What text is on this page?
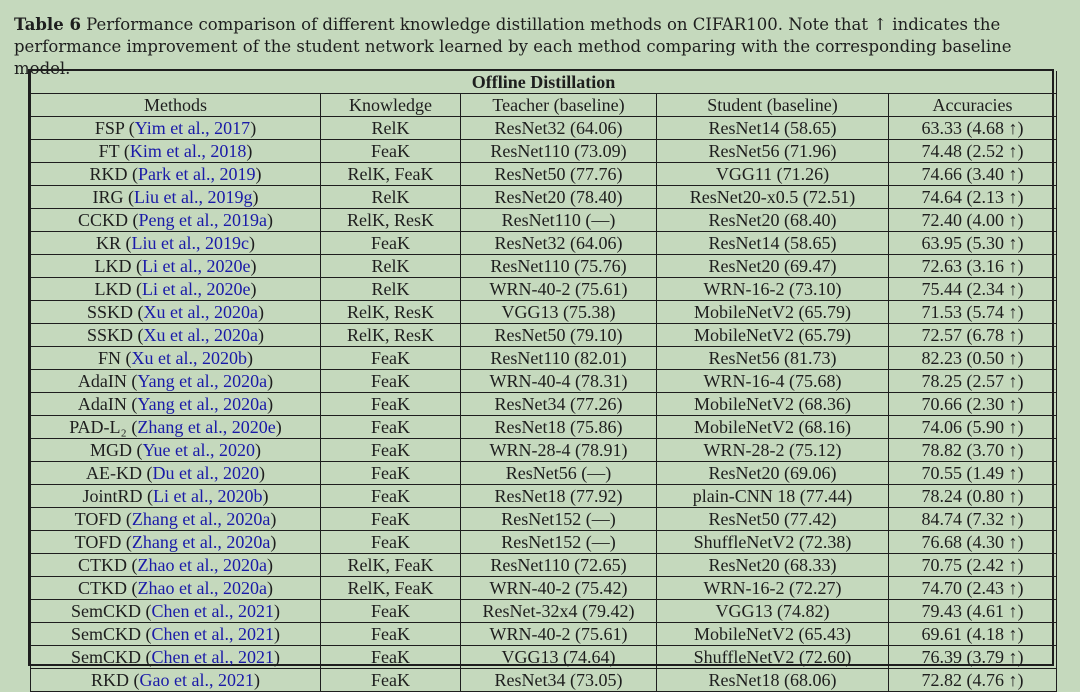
Table 6 Performance comparison of different knowledge distillation methods on CIFAR100. Note that ↑ indicates the performance improvement of the student network learned by each method comparing with the corresponding baseline model.
Offline Distillation				
Methods	Knowledge	Teacher (baseline)	Student (baseline)	Accuracies
FSP (Yim et al., 2017)	RelK	ResNet32 (64.06)	ResNet14 (58.65)	63.33 (4.68 ↑)
FT (Kim et al., 2018)	FeaK	ResNet110 (73.09)	ResNet56 (71.96)	74.48 (2.52 ↑)
RKD (Park et al., 2019)	RelK, FeaK	ResNet50 (77.76)	VGG11 (71.26)	74.66 (3.40 ↑)
IRG (Liu et al., 2019g)	RelK	ResNet20 (78.40)	ResNet20-x0.5 (72.51)	74.64 (2.13 ↑)
CCKD (Peng et al., 2019a)	RelK, ResK	ResNet110 (—)	ResNet20 (68.40)	72.40 (4.00 ↑)
KR (Liu et al., 2019c)	FeaK	ResNet32 (64.06)	ResNet14 (58.65)	63.95 (5.30 ↑)
LKD (Li et al., 2020e)	RelK	ResNet110 (75.76)	ResNet20 (69.47)	72.63 (3.16 ↑)
LKD (Li et al., 2020e)	RelK	WRN-40-2 (75.61)	WRN-16-2 (73.10)	75.44 (2.34 ↑)
SSKD (Xu et al., 2020a)	RelK, ResK	VGG13 (75.38)	MobileNetV2 (65.79)	71.53 (5.74 ↑)
SSKD (Xu et al., 2020a)	RelK, ResK	ResNet50 (79.10)	MobileNetV2 (65.79)	72.57 (6.78 ↑)
FN (Xu et al., 2020b)	FeaK	ResNet110 (82.01)	ResNet56 (81.73)	82.23 (0.50 ↑)
AdaIN (Yang et al., 2020a)	FeaK	WRN-40-4 (78.31)	WRN-16-4 (75.68)	78.25 (2.57 ↑)
AdaIN (Yang et al., 2020a)	FeaK	ResNet34 (77.26)	MobileNetV2 (68.36)	70.66 (2.30 ↑)
PAD-L₂ (Zhang et al., 2020e)	FeaK	ResNet18 (75.86)	MobileNetV2 (68.16)	74.06 (5.90 ↑)
MGD (Yue et al., 2020)	FeaK	WRN-28-4 (78.91)	WRN-28-2 (75.12)	78.82 (3.70 ↑)
AE-KD (Du et al., 2020)	FeaK	ResNet56 (—)	ResNet20 (69.06)	70.55 (1.49 ↑)
JointRD (Li et al., 2020b)	FeaK	ResNet18 (77.92)	plain-CNN 18 (77.44)	78.24 (0.80 ↑)
TOFD (Zhang et al., 2020a)	FeaK	ResNet152 (—)	ResNet50 (77.42)	84.74 (7.32 ↑)
TOFD (Zhang et al., 2020a)	FeaK	ResNet152 (—)	ShuffleNetV2 (72.38)	76.68 (4.30 ↑)
CTKD (Zhao et al., 2020a)	RelK, FeaK	ResNet110 (72.65)	ResNet20 (68.33)	70.75 (2.42 ↑)
CTKD (Zhao et al., 2020a)	RelK, FeaK	WRN-40-2 (75.42)	WRN-16-2 (72.27)	74.70 (2.43 ↑)
SemCKD (Chen et al., 2021)	FeaK	ResNet-32x4 (79.42)	VGG13 (74.82)	79.43 (4.61 ↑)
SemCKD (Chen et al., 2021)	FeaK	WRN-40-2 (75.61)	MobileNetV2 (65.43)	69.61 (4.18 ↑)
SemCKD (Chen et al., 2021)	FeaK	VGG13 (74.64)	ShuffleNetV2 (72.60)	76.39 (3.79 ↑)
RKD (Gao et al., 2021)	FeaK	ResNet34 (73.05)	ResNet18 (68.06)	72.82 (4.76 ↑)
